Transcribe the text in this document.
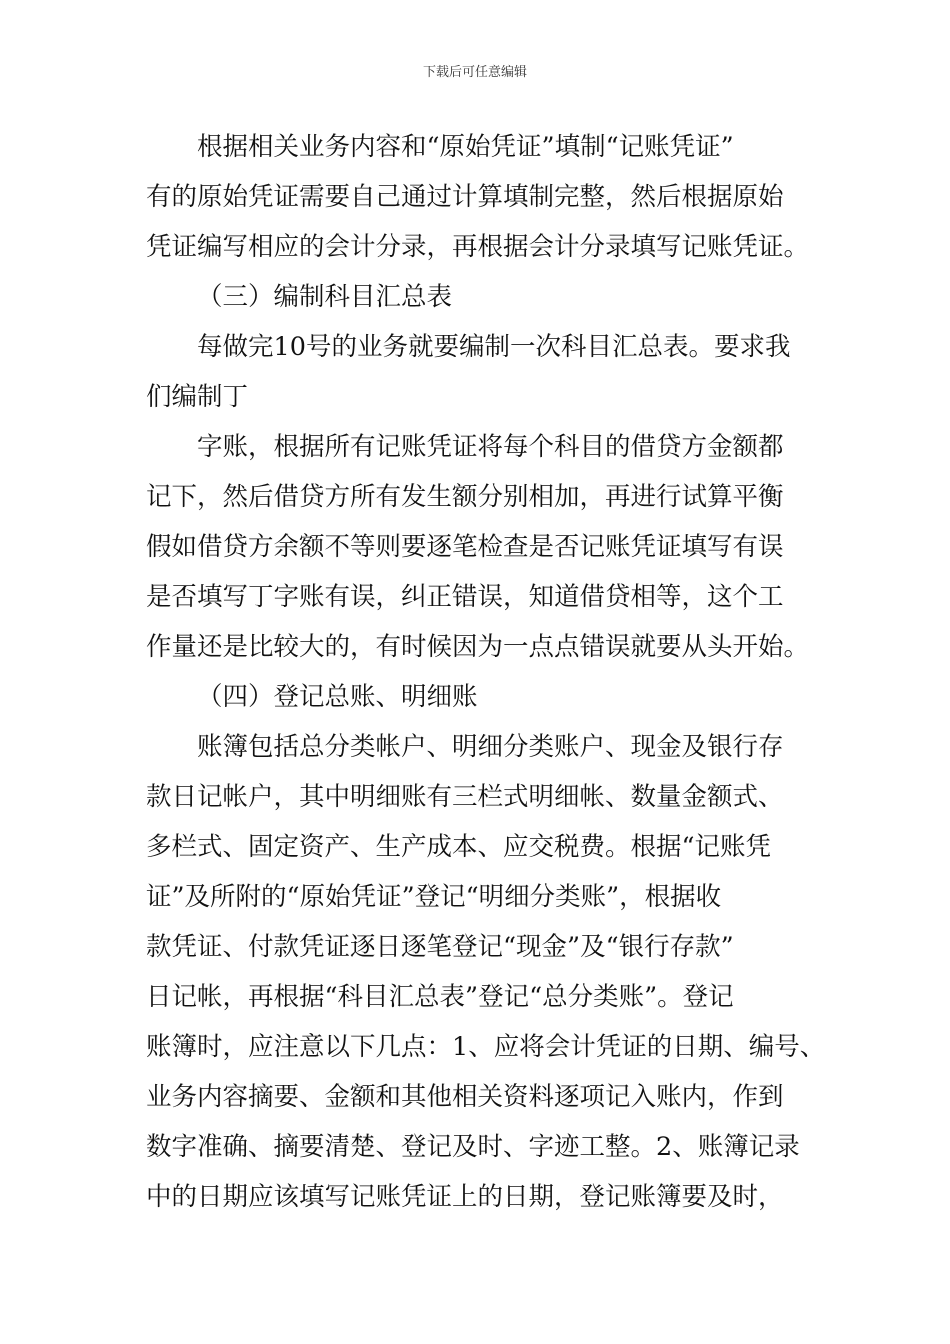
下载后可任意编辑
根据相关业务内容和“原始凭证”填制“记账凭证”
有的原始凭证需要自己通过计算填制完整，然后根据原始
凭证编写相应的会计分录，再根据会计分录填写记账凭证。
（三）编制科目汇总表
每做完10号的业务就要编制一次科目汇总表。要求我
们编制丁
字账，根据所有记账凭证将每个科目的借贷方金额都
记下，然后借贷方所有发生额分别相加，再进行试算平衡
假如借贷方余额不等则要逐笔检查是否记账凭证填写有误
是否填写丁字账有误，纠正错误，知道借贷相等，这个工
作量还是比较大的，有时候因为一点点错误就要从头开始。
（四）登记总账、明细账
账簿包括总分类帐户、明细分类账户、现金及银行存
款日记帐户，其中明细账有三栏式明细帐、数量金额式、
多栏式、固定资产、生产成本、应交税费。根据“记账凭
证”及所附的“原始凭证”登记“明细分类账”，根据收
款凭证、付款凭证逐日逐笔登记“现金”及“银行存款”
日记帐，再根据“科目汇总表”登记“总分类账”。登记
账簿时，应注意以下几点：1、应将会计凭证的日期、编号、
业务内容摘要、金额和其他相关资料逐项记入账内，作到
数字准确、摘要清楚、登记及时、字迹工整。2、账簿记录
中的日期应该填写记账凭证上的日期，登记账簿要及时，
